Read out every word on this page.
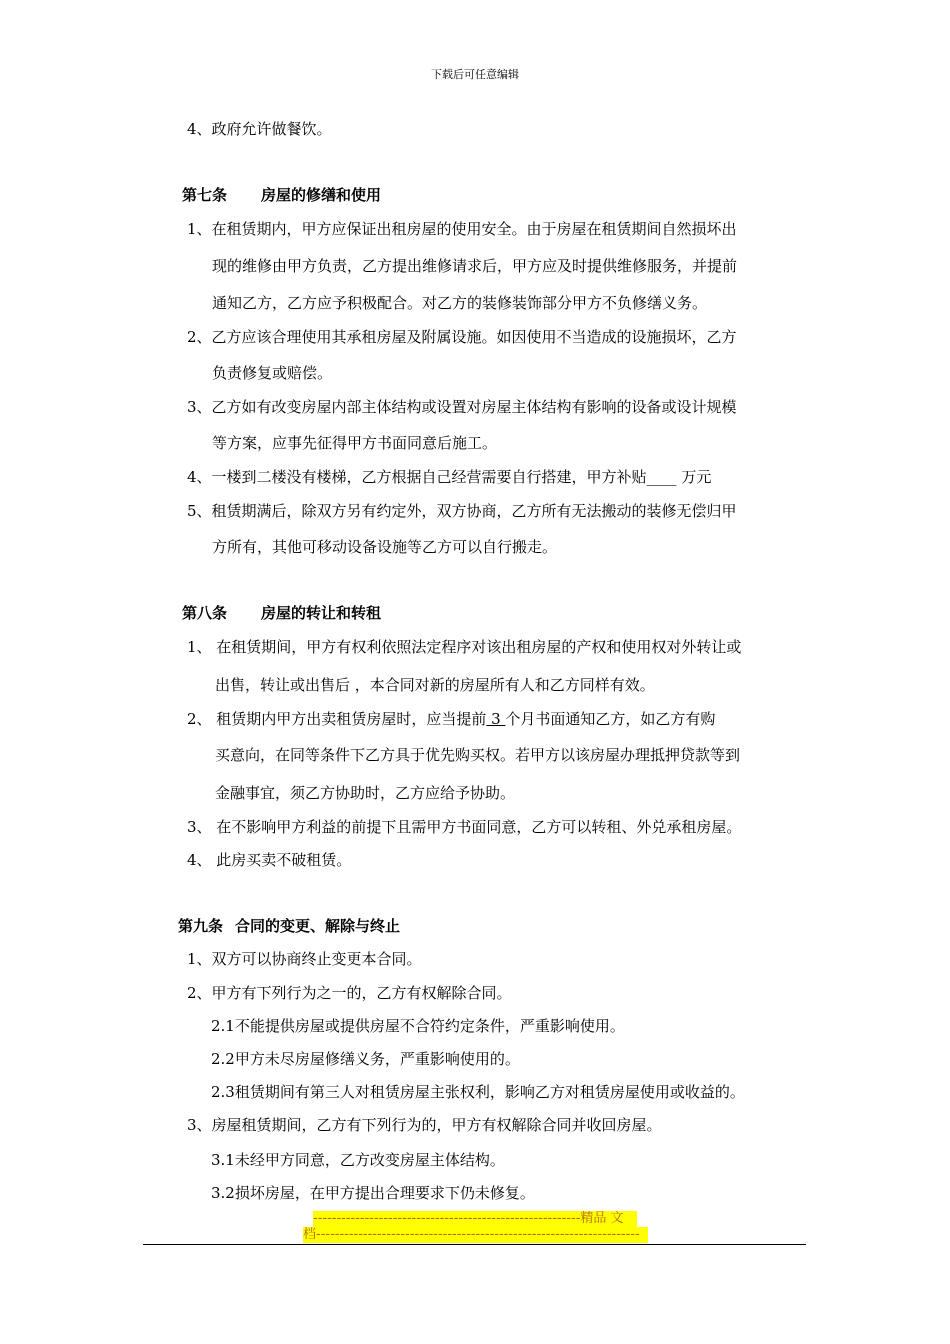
下载后可任意编辑
4、政府允许做餐饮。
第七条 房屋的修缮和使用
1、在租赁期内，甲方应保证出租房屋的使用安全。由于房屋在租赁期间自然损坏出
现的维修由甲方负责，乙方提出维修请求后，甲方应及时提供维修服务，并提前
通知乙方，乙方应予积极配合。对乙方的装修装饰部分甲方不负修缮义务。
2、乙方应该合理使用其承租房屋及附属设施。如因使用不当造成的设施损坏，乙方
负责修复或赔偿。
3、乙方如有改变房屋内部主体结构或设置对房屋主体结构有影响的设备或设计规模
等方案，应事先征得甲方书面同意后施工。
4、一楼到二楼没有楼梯，乙方根据自己经营需要自行搭建，甲方补贴____ 万元
5、租赁期满后，除双方另有约定外，双方协商，乙方所有无法搬动的装修无偿归甲
方所有，其他可移动设备设施等乙方可以自行搬走。
第八条 房屋的转让和转租
1、 在租赁期间，甲方有权利依照法定程序对该出租房屋的产权和使用权对外转让或
出售，转让或出售后 ，本合同对新的房屋所有人和乙方同样有效。
2、 租赁期内甲方出卖租赁房屋时，应当提前 3 个月书面通知乙方，如乙方有购
买意向，在同等条件下乙方具于优先购买权。若甲方以该房屋办理抵押贷款等到
金融事宜，须乙方协助时，乙方应给予协助。
3、 在不影响甲方利益的前提下且需甲方书面同意，乙方可以转租、外兑承租房屋。
4、 此房买卖不破租赁。
第九条 合同的变更、解除与终止
1、双方可以协商终止变更本合同。
2、甲方有下列行为之一的，乙方有权解除合同。
2.1不能提供房屋或提供房屋不合符约定条件，严重影响使用。
2.2甲方未尽房屋修缮义务，严重影响使用的。
2.3租赁期间有第三人对租赁房屋主张权利，影响乙方对租赁房屋使用或收益的。
3、房屋租赁期间，乙方有下列行为的，甲方有权解除合同并收回房屋。
3.1未经甲方同意，乙方改变房屋主体结构。
3.2损坏房屋，在甲方提出合理要求下仍未修复。
---------------------------------------------------------精品 文
档---------------------------------------------------------------------
